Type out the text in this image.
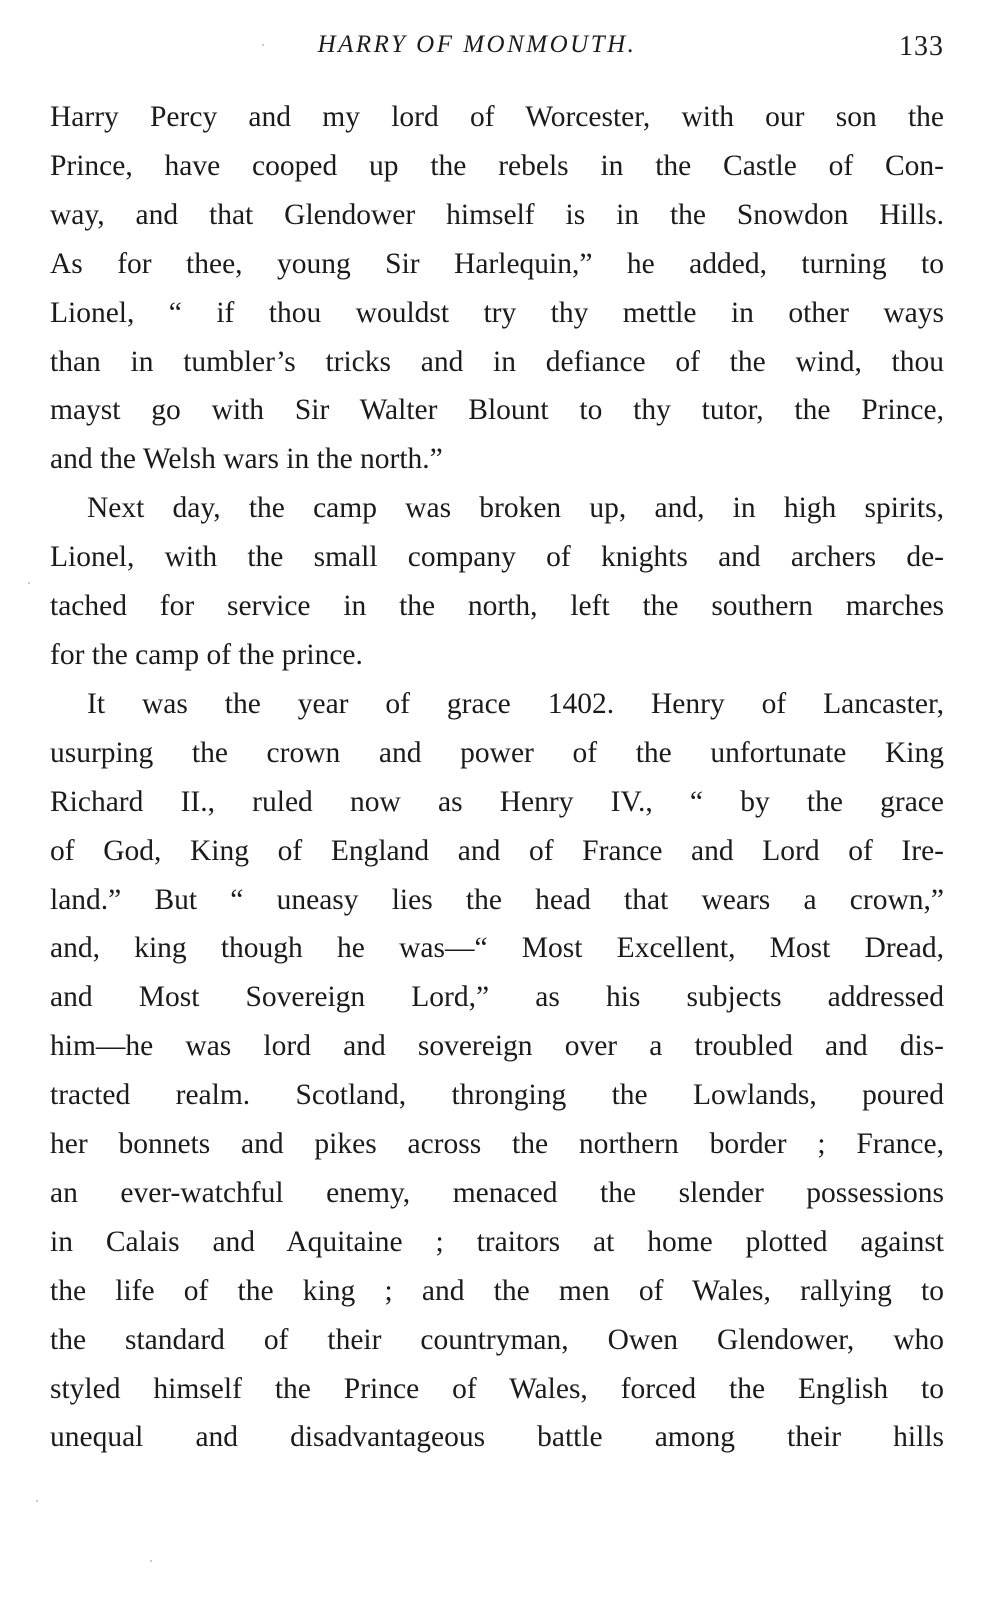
HARRY OF MONMOUTH.	133

Harry Percy and my lord of Worcester, with our son the
Prince, have cooped up the rebels in the Castle of Con-
way, and that Glendower himself is in the Snowdon Hills.
As for thee, young Sir Harlequin,” he added, turning to
Lionel, “ if thou wouldst try thy mettle in other ways
than in tumbler’s tricks and in defiance of the wind, thou
mayst go with Sir Walter Blount to thy tutor, the Prince,
and the Welsh wars in the north.”

Next day, the camp was broken up, and, in high spirits,
Lionel, with the small company of knights and archers de-
tached for service in the north, left the southern marches
for the camp of the prince.

It was the year of grace 1402. Henry of Lancaster,
usurping the crown and power of the unfortunate King
Richard II., ruled now as Henry IV., “ by the grace
of God, King of England and of France and Lord of Ire-
land.” But “ uneasy lies the head that wears a crown,”
and, king though he was—“ Most Excellent, Most Dread,
and Most Sovereign Lord,” as his subjects addressed
him—he was lord and sovereign over a troubled and dis-
tracted realm. Scotland, thronging the Lowlands, poured
her bonnets and pikes across the northern border ; France,
an ever-watchful enemy, menaced the slender possessions
in Calais and Aquitaine ; traitors at home plotted against
the life of the king ; and the men of Wales, rallying to
the standard of their countryman, Owen Glendower, who
styled himself the Prince of Wales, forced the English to
unequal and disadvantageous battle among their hills
